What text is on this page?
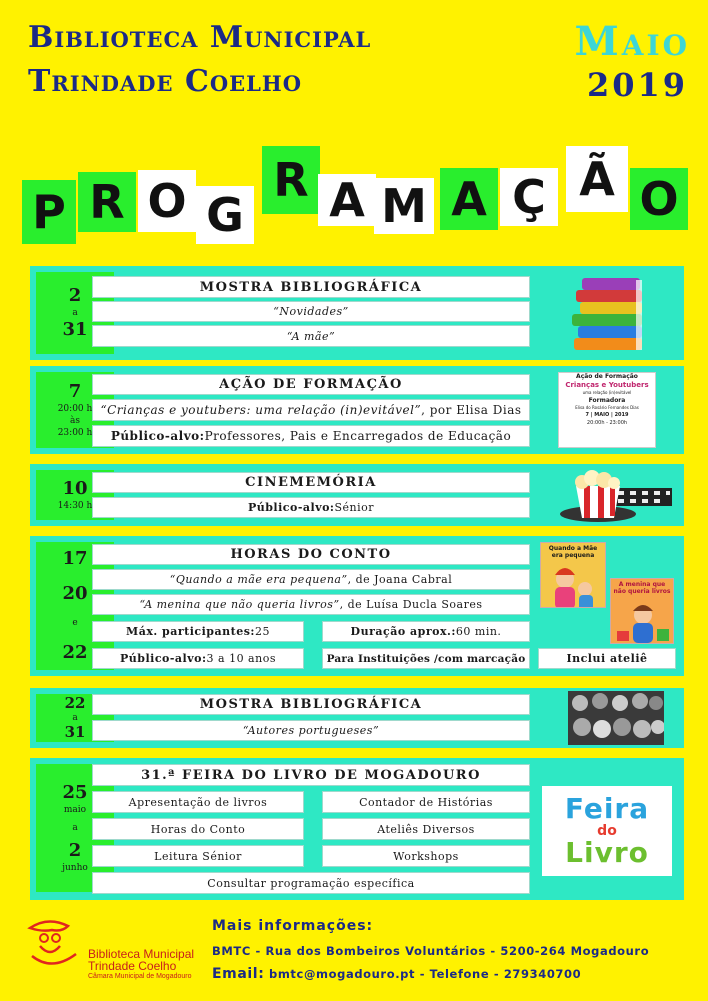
Biblioteca Municipal
Trindade Coelho
Maio
2019
P R O G
R A M A Ç Ã O
2
a
31
MOSTRA BIBLIOGRÁFICA
“Novidades”
“A mãe”
7
20:00 h
às
23:00 h
AÇÃO DE FORMAÇÃO
“Crianças e youtubers: uma relação (in)evitável” , por Elisa Dias
Público-alvo: Professores, Pais e Encarregados de Educação
Ação de Formação
Crianças e Youtubers
uma relação (in)evitável
Formadora
Elisa do Rosário Fernandes Dias
7 | MAIO | 2019
20:00h - 23:00h
10
14:30 h
CINEMEMÓRIA
Público-alvo: Sénior
17
20
e
22
HORAS DO CONTO
“Quando a mãe era pequena” , de Joana Cabral
“A menina que não queria livros” , de Luísa Ducla Soares
Máx. participantes: 25	Duração aprox.: 60 min.
Público-alvo: 3 a 10 anos	Para Instituições /com marcação	Inclui ateliê
Quando a Mãe era pequena
A menina que não queria livros
22
a
31
MOSTRA BIBLIOGRÁFICA
“Autores portugueses”
25
maio
a
2
junho
31.ª FEIRA DO LIVRO DE MOGADOURO
Apresentação de livros	Contador de Histórias
Horas do Conto	Ateliês Diversos
Leitura Sénior	Workshops
Consultar programação específica
Feira
do
Livro
Biblioteca Municipal
Trindade Coelho
Câmara Municipal de Mogadouro
Mais informações:
BMTC - Rua dos Bombeiros Voluntários - 5200-264 Mogadouro
Email: bmtc@mogadouro.pt - Telefone - 279340700
